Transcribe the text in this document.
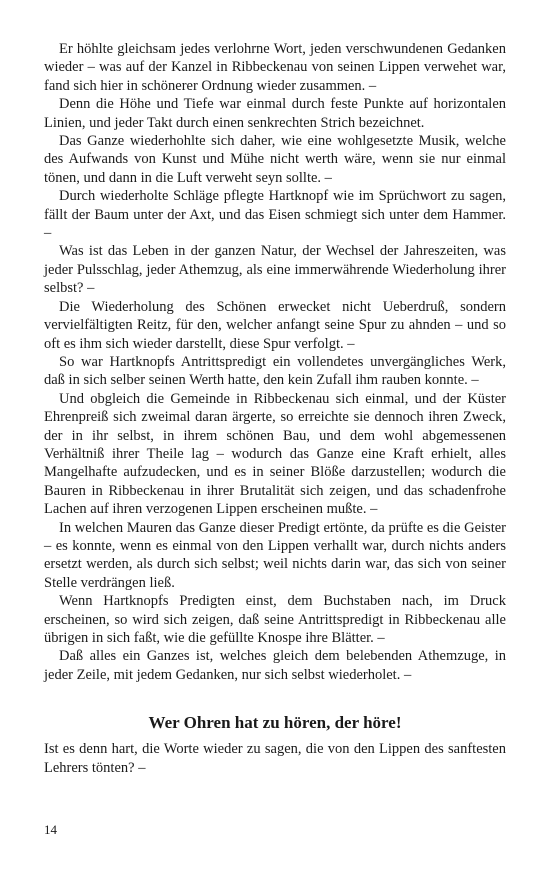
Er höhlte gleichsam jedes verlohrne Wort, jeden verschwundenen Gedanken wieder – was auf der Kanzel in Ribbeckenau von seinen Lippen verwehet war, fand sich hier in schönerer Ordnung wieder zusammen. –

Denn die Höhe und Tiefe war einmal durch feste Punkte auf horizontalen Linien, und jeder Takt durch einen senkrechten Strich bezeichnet.

Das Ganze wiederhohlte sich daher, wie eine wohlgesetzte Musik, welche des Aufwands von Kunst und Mühe nicht werth wäre, wenn sie nur einmal tönen, und dann in die Luft verweht seyn sollte. –

Durch wiederholte Schläge pflegte Hartknopf wie im Sprüchwort zu sagen, fällt der Baum unter der Axt, und das Eisen schmiegt sich unter dem Hammer. –

Was ist das Leben in der ganzen Natur, der Wechsel der Jahreszeiten, was jeder Pulsschlag, jeder Athemzug, als eine immerwährende Wiederholung ihrer selbst? –

Die Wiederholung des Schönen erwecket nicht Ueberdruß, sondern vervielfältigten Reitz, für den, welcher anfangt seine Spur zu ahnden – und so oft es ihm sich wieder darstellt, diese Spur verfolgt. –

So war Hartknopfs Antrittspredigt ein vollendetes unvergängliches Werk, daß in sich selber seinen Werth hatte, den kein Zufall ihm rauben konnte. –

Und obgleich die Gemeinde in Ribbeckenau sich einmal, und der Küster Ehrenpreiß sich zweimal daran ärgerte, so erreichte sie dennoch ihren Zweck, der in ihr selbst, in ihrem schönen Bau, und dem wohl abgemessenen Verhältniß ihrer Theile lag – wodurch das Ganze eine Kraft erhielt, alles Mangelhafte aufzudecken, und es in seiner Blöße darzustellen; wodurch die Bauren in Ribbeckenau in ihrer Brutalität sich zeigen, und das schadenfrohe Lachen auf ihren verzogenen Lippen erscheinen mußte. –

In welchen Mauren das Ganze dieser Predigt ertönte, da prüfte es die Geister – es konnte, wenn es einmal von den Lippen verhallt war, durch nichts anders ersetzt werden, als durch sich selbst; weil nichts darin war, das sich von seiner Stelle verdrängen ließ.

Wenn Hartknopfs Predigten einst, dem Buchstaben nach, im Druck erscheinen, so wird sich zeigen, daß seine Antrittspredigt in Ribbeckenau alle übrigen in sich faßt, wie die gefüllte Knospe ihre Blätter. –

Daß alles ein Ganzes ist, welches gleich dem belebenden Athemzuge, in jeder Zeile, mit jedem Gedanken, nur sich selbst wiederholet. –

Wer Ohren hat zu hören, der höre!

Ist es denn hart, die Worte wieder zu sagen, die von den Lippen des sanftesten Lehrers tönten? –

14
